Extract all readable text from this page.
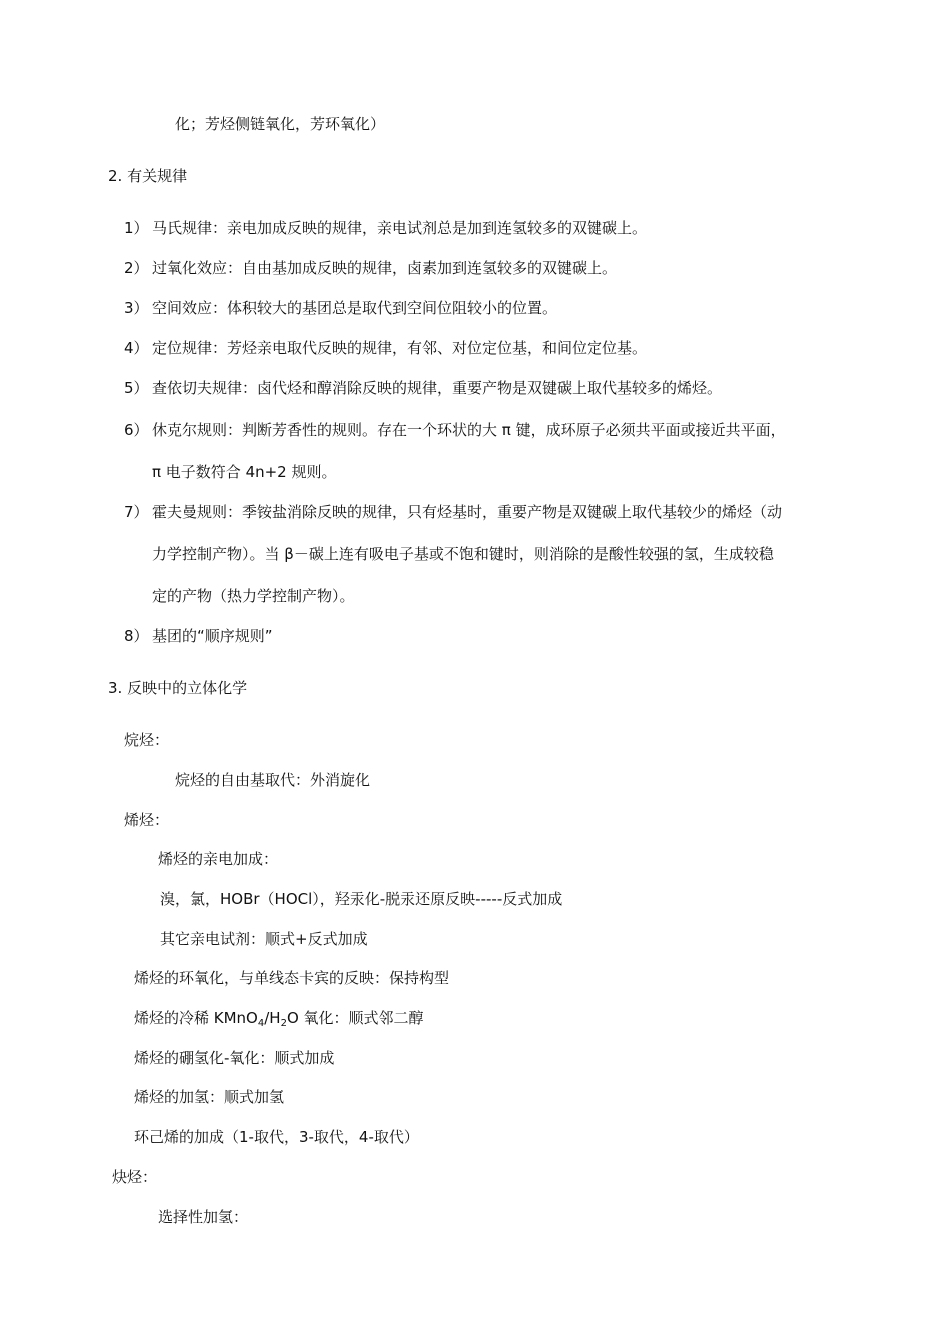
化；芳烃侧链氧化，芳环氧化）
2. 有关规律
1） 马氏规律：亲电加成反映的规律，亲电试剂总是加到连氢较多的双键碳上。
2） 过氧化效应：自由基加成反映的规律，卤素加到连氢较多的双键碳上。
3） 空间效应：体积较大的基团总是取代到空间位阻较小的位置。
4） 定位规律：芳烃亲电取代反映的规律，有邻、对位定位基，和间位定位基。
5） 查依切夫规律：卤代烃和醇消除反映的规律，重要产物是双键碳上取代基较多的烯烃。
6） 休克尔规则：判断芳香性的规则。存在一个环状的大 π 键，成环原子必须共平面或接近共平面，
π 电子数符合 4n+2 规则。
7） 霍夫曼规则：季铵盐消除反映的规律，只有烃基时，重要产物是双键碳上取代基较少的烯烃（动
力学控制产物）。当 β－碳上连有吸电子基或不饱和键时，则消除的是酸性较强的氢，生成较稳
定的产物（热力学控制产物）。
8） 基团的“顺序规则”
3. 反映中的立体化学
烷烃：
烷烃的自由基取代：外消旋化
烯烃：
烯烃的亲电加成：
溴，氯，HOBr（HOCl），羟汞化-脱汞还原反映-----反式加成
其它亲电试剂：顺式+反式加成
烯烃的环氧化，与单线态卡宾的反映：保持构型
烯烃的冷稀 $KMnO_4/H_2O$ 氧化：顺式邻二醇
烯烃的硼氢化-氧化：顺式加成
烯烃的加氢：顺式加氢
环己烯的加成（1-取代，3-取代，4-取代）
炔烃：
选择性加氢：
